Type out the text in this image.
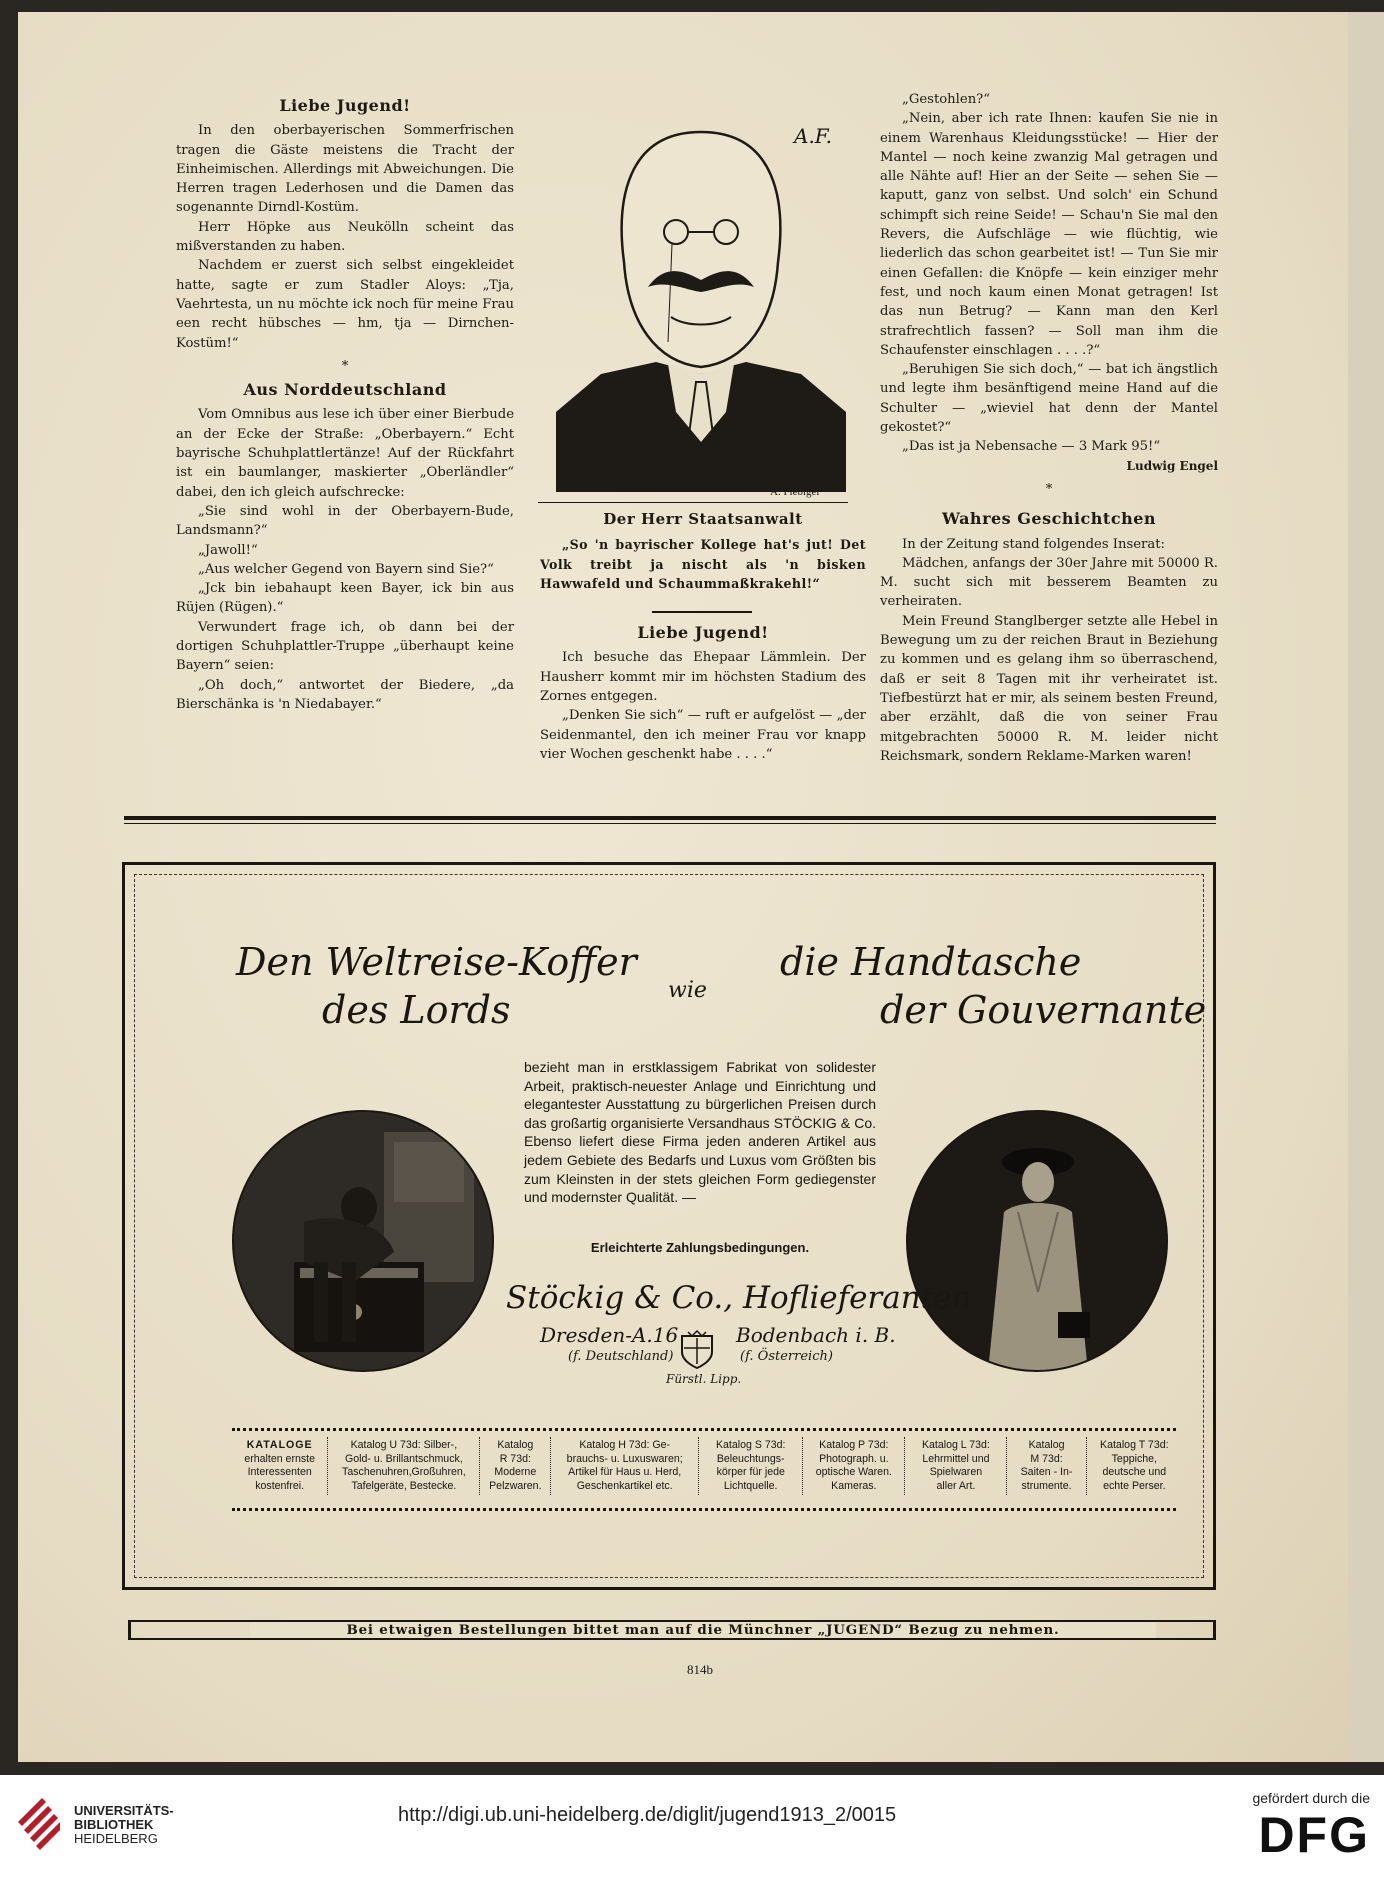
Liebe Jugend!

In den oberbayerischen Sommerfrischen tragen die Gäste meistens die Tracht der Einheimischen. Allerdings mit Abweichungen. Die Herren tragen Lederhosen und die Damen das sogenannte Dirndl-Kostüm.

Herr Höpke aus Neukölln scheint das mißverstanden zu haben.

Nachdem er zuerst sich selbst eingekleidet hatte, sagte er zum Stadler Aloys: „Tja, Vaehrtesta, un nu möchte ick noch für meine Frau een recht hübsches — hm, tja — Dirnchen-Kostüm!“

*
Aus Norddeutschland

Vom Omnibus aus lese ich über einer Bierbude an der Ecke der Straße: „Oberbayern.“ Echt bayrische Schuhplattlertänze! Auf der Rückfahrt ist ein baumlanger, maskierter „Oberländler“ dabei, den ich gleich aufschrecke:

„Sie sind wohl in der Oberbayern-Bude, Landsmann?“

„Jawoll!“

„Aus welcher Gegend von Bayern sind Sie?“

„Jck bin iebahaupt keen Bayer, ick bin aus Rüjen (Rügen).“

Verwundert frage ich, ob dann bei der dortigen Schuhplattler-Truppe „überhaupt keine Bayern“ seien:

„Oh doch,“ antwortet der Biedere, „da Bierschänka is 'n Niedabayer.“

A.F.
A. Fiebiger
Der Herr Staatsanwalt

„So 'n bayrischer Kollege hat's jut! Det Volk treibt ja nischt als 'n bisken Hawwafeld und Schaummaßkrakehl!“

Liebe Jugend!

Ich besuche das Ehepaar Lämmlein. Der Hausherr kommt mir im höchsten Stadium des Zornes entgegen.

„Denken Sie sich“ — ruft er aufgelöst — „der Seidenmantel, den ich meiner Frau vor knapp vier Wochen geschenkt habe . . . .“

„Gestohlen?“

„Nein, aber ich rate Ihnen: kaufen Sie nie in einem Warenhaus Kleidungsstücke! — Hier der Mantel — noch keine zwanzig Mal getragen und alle Nähte auf! Hier an der Seite — sehen Sie — kaputt, ganz von selbst. Und solch' ein Schund schimpft sich reine Seide! — Schau'n Sie mal den Revers, die Aufschläge — wie flüchtig, wie liederlich das schon gearbeitet ist! — Tun Sie mir einen Gefallen: die Knöpfe — kein einziger mehr fest, und noch kaum einen Monat getragen! Ist das nun Betrug? — Kann man den Kerl strafrechtlich fassen? — Soll man ihm die Schaufenster einschlagen . . . .?“

„Beruhigen Sie sich doch,“ — bat ich ängstlich und legte ihm besänftigend meine Hand auf die Schulter — „wieviel hat denn der Mantel gekostet?“

„Das ist ja Nebensache — 3 Mark 95!“

Ludwig Engel
*
Wahres Geschichtchen

In der Zeitung stand folgendes Inserat:

Mädchen, anfangs der 30er Jahre mit 50000 R. M. sucht sich mit besserem Beamten zu verheiraten.

Mein Freund Stanglberger setzte alle Hebel in Bewegung um zu der reichen Braut in Beziehung zu kommen und es gelang ihm so überraschend, daß er seit 8 Tagen mit ihr verheiratet ist. Tiefbestürzt hat er mir, als seinem besten Freund, aber erzählt, daß die von seiner Frau mitgebrachten 50000 R. M. leider nicht Reichsmark, sondern Reklame-Marken waren!

Den Weltreise-Koffer
des Lords	wie
die Handtasche
der Gouvernante
bezieht man in erstklassigem Fabrikat von solidester Arbeit, praktisch-neuester Anlage und Einrichtung und elegantester Ausstattung zu bürgerlichen Preisen durch das großartig organisierte Versandhaus STÖCKIG & Co. Ebenso liefert diese Firma jeden anderen Artikel aus jedem Gebiete des Bedarfs und Luxus vom Größten bis zum Kleinsten in der stets gleichen Form gediegenster und modernster Qualität. —
Erleichterte Zahlungsbedingungen.
Stöckig & Co., Hoflieferanten
Dresden-A.16
(f. Deutschland)
Bodenbach i. B.
(f. Österreich)
Fürstl. Lipp.
KATALOGE
erhalten ernste
Interessenten
kostenfrei.

Katalog U 73d: Silber-,
Gold- u. Brillantschmuck,
Taschenuhren,Großuhren,
Tafelgeräte, Bestecke.

Katalog
R 73d:
Moderne
Pelzwaren.

Katalog H 73d: Ge-
brauchs- u. Luxuswaren;
Artikel für Haus u. Herd,
Geschenkartikel etc.

Katalog S 73d:
Beleuchtungs-
körper für jede
Lichtquelle.

Katalog P 73d:
Photograph. u.
optische Waren.
Kameras.

Katalog L 73d:
Lehrmittel und
Spielwaren
aller Art.

Katalog
M 73d:
Saiten - In-
strumente.

Katalog T 73d:
Teppiche,
deutsche und
echte Perser.
Bei etwaigen Bestellungen bittet man auf die Münchner „JUGEND“ Bezug zu nehmen.
814b
UNIVERSITÄTS-
BIBLIOTHEK
HEIDELBERG
http://digi.ub.uni-heidelberg.de/diglit/jugend1913_2/0015
gefördert durch die
DFG
